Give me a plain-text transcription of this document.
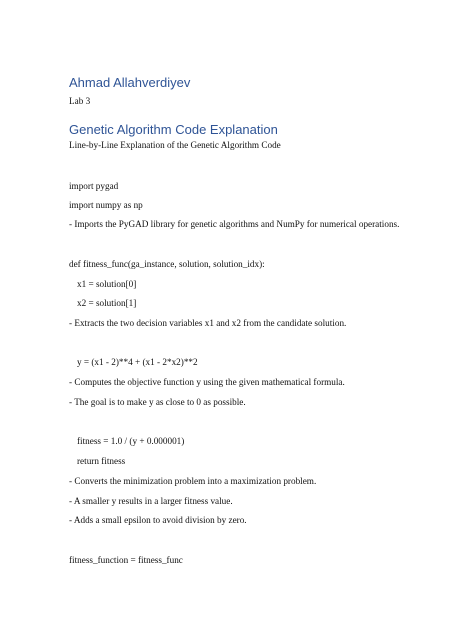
Ahmad Allahverdiyev
Lab 3
Genetic Algorithm Code Explanation
Line-by-Line Explanation of the Genetic Algorithm Code
import pygad
import numpy as np
- Imports the PyGAD library for genetic algorithms and NumPy for numerical operations.
def fitness_func(ga_instance, solution, solution_idx):
x1 = solution[0]
x2 = solution[1]
- Extracts the two decision variables x1 and x2 from the candidate solution.
y = (x1 - 2)**4 + (x1 - 2*x2)**2
- Computes the objective function y using the given mathematical formula.
- The goal is to make y as close to 0 as possible.
fitness = 1.0 / (y + 0.000001)
return fitness
- Converts the minimization problem into a maximization problem.
- A smaller y results in a larger fitness value.
- Adds a small epsilon to avoid division by zero.
fitness_function = fitness_func
